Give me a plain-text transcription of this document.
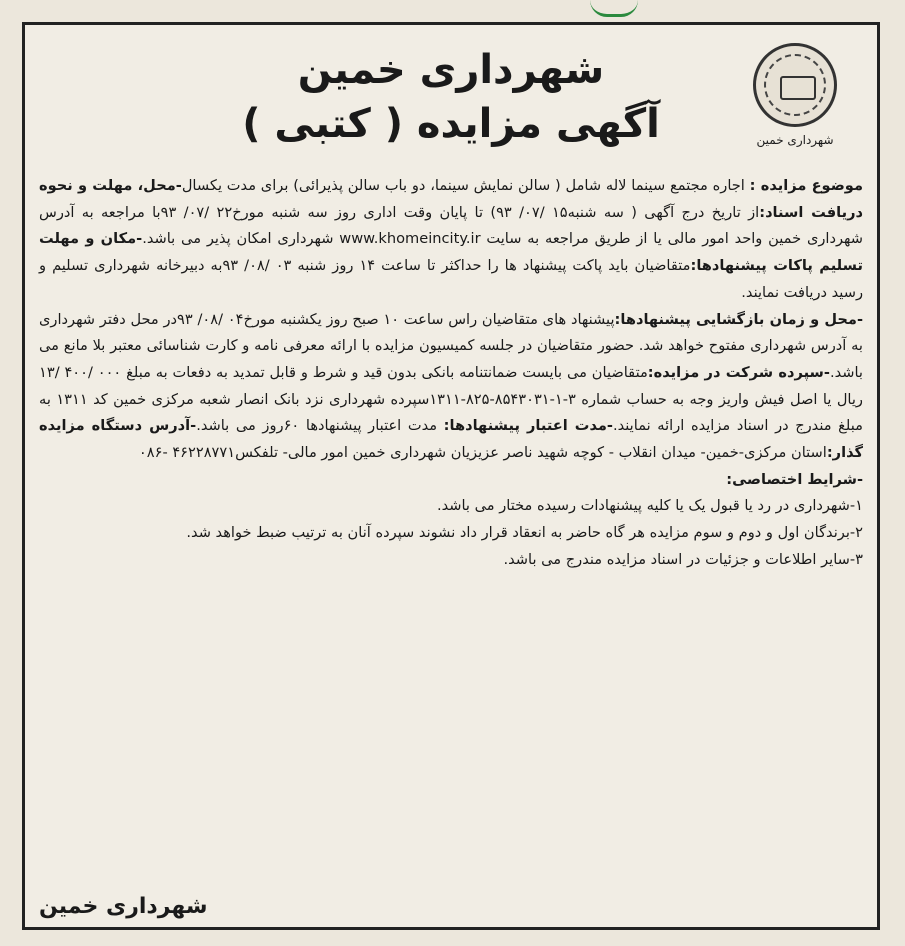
شهرداری خمین
شهرداری خمین
آگهی مزایده ( کتبی )

موضوع مزایده : اجاره مجتمع سینما لاله شامل ( سالن نمایش سینما، دو باب سالن پذیرائی) برای مدت یکسال-محل، مهلت و نحوه دریافت اسناد:از تاریخ درج آگهی ( سه شنبه۱۵ /۰۷/ ۹۳) تا پایان وقت اداری روز سه شنبه مورخ۲۲ /۰۷/ ۹۳با مراجعه به آدرس شهرداری خمین واحد امور مالی یا از طریق مراجعه به سایت www.khomeincity.ir شهرداری امکان پذیر می باشد.-مکان و مهلت تسلیم پاکات پیشنهادها:متقاضیان باید پاکت پیشنهاد ها را حداکثر تا ساعت ۱۴ روز شنبه ۰۳ /۰۸/ ۹۳به دبیرخانه شهرداری تسلیم و رسید دریافت نمایند.

-محل و زمان بازگشایی پیشنهادها:پیشنهاد های متقاضیان راس ساعت ۱۰ صبح روز یکشنبه مورخ۰۴ /۰۸/ ۹۳در محل دفتر شهرداری به آدرس شهرداری مفتوح خواهد شد. حضور متقاضیان در جلسه کمیسیون مزایده با ارائه معرفی نامه و کارت شناسائی معتبر بلا مانع می باشد.-سپرده شرکت در مزایده:متقاضیان می بایست ضمانتنامه بانکی بدون قید و شرط و قابل تمدید به دفعات به مبلغ ۰۰۰ /۴۰۰ /۱۳ ریال یا اصل فیش واریز وجه به حساب شماره ۳-۱-۸۵۴۳۰۳۱-۸۲۵-۱۳۱۱سپرده شهرداری نزد بانک انصار شعبه مرکزی خمین کد ۱۳۱۱ به مبلغ مندرج در اسناد مزایده ارائه نمایند.-مدت اعتبار پیشنهادها: مدت اعتبار پیشنهادها ۶۰روز می باشد.-آدرس دستگاه مزایده گذار:استان مرکزی-خمین- میدان انقلاب - کوچه شهید ناصر عزیزیان شهرداری خمین امور مالی- تلفکس۴۶۲۲۸۷۷۱ -۰۸۶

-شرایط اختصاصی:

۱-شهرداری در رد یا قبول یک یا کلیه پیشنهادات رسیده مختار می باشد.

۲-برندگان اول و دوم و سوم مزایده هر گاه حاضر به انعقاد قرار داد نشوند سپرده آنان به ترتیب ضبط خواهد شد.

۳-سایر اطلاعات و جزئیات در اسناد مزایده مندرج می باشد.

شهرداری خمین
